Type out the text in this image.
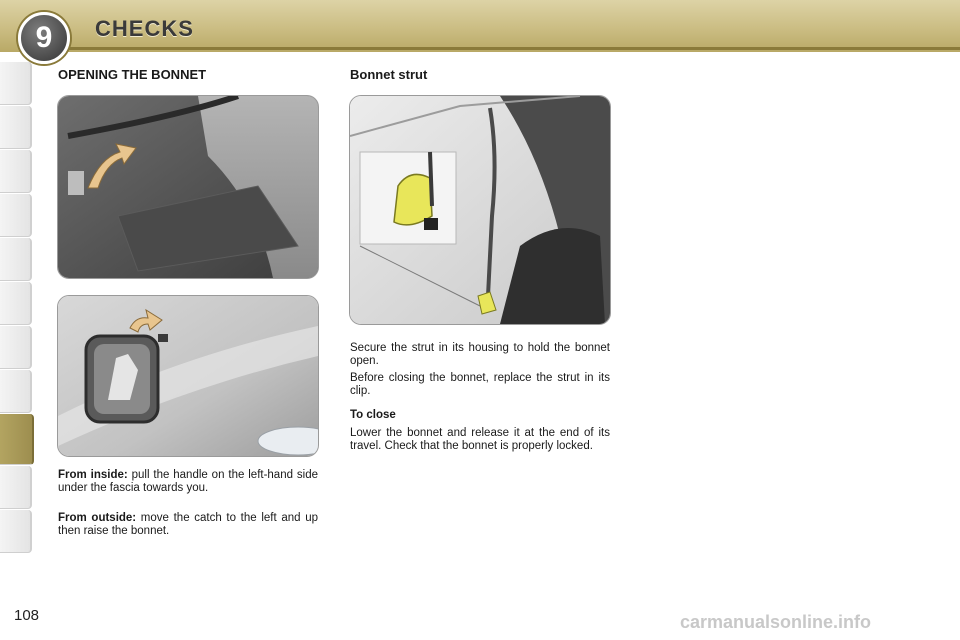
9	CHECKS
OPENING THE BONNET

From inside: pull the handle on the left-hand side under the fascia towards you.

From outside: move the catch to the left and up then raise the bonnet.

Bonnet strut

Secure the strut in its housing to hold the bonnet open.

Before closing the bonnet, replace the strut in its clip.

To close

Lower the bonnet and release it at the end of its travel. Check that the bonnet is properly locked.

108	carmanualsonline.info
